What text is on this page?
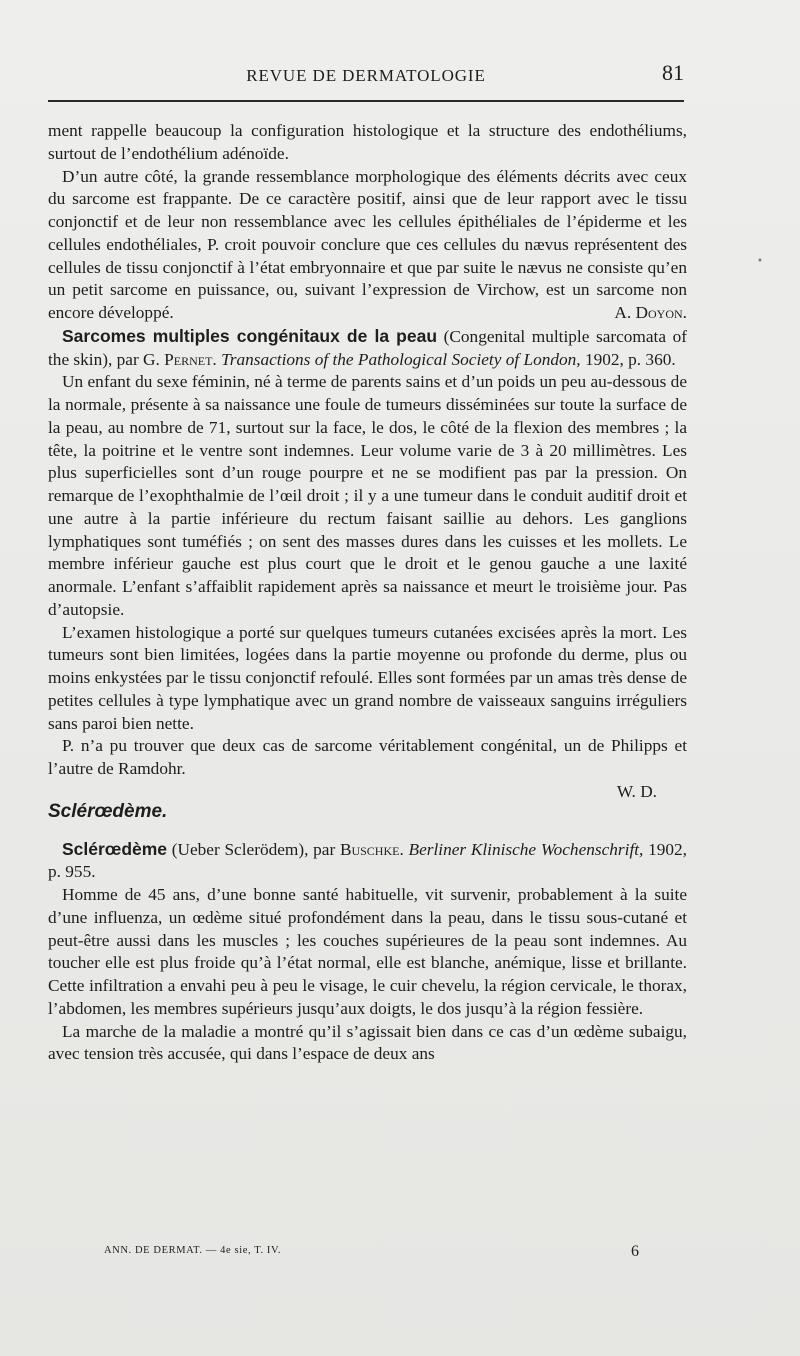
REVUE DE DERMATOLOGIE	81
•

ment rappelle beaucoup la configuration histologique et la structure des endothéliums, surtout de l’endothélium adénoïde.

D’un autre côté, la grande ressemblance morphologique des éléments décrits avec ceux du sarcome est frappante. De ce caractère positif, ainsi que de leur rapport avec le tissu conjonctif et de leur non ressemblance avec les cellules épithéliales de l’épiderme et les cellules endothéliales, P. croit pouvoir conclure que ces cellules du nævus représentent des cellules de tissu conjonctif à l’état embryonnaire et que par suite le nævus ne consiste qu’en un petit sarcome en puissance, ou, suivant l’expression de Virchow, est un sarcome non encore développé.	A. Doyon.

Sarcomes multiples congénitaux de la peau (Congenital multiple sarcomata of the skin), par G. Pernet. Transactions of the Pathological Society of London, 1902, p. 360.

Un enfant du sexe féminin, né à terme de parents sains et d’un poids un peu au-dessous de la normale, présente à sa naissance une foule de tumeurs disséminées sur toute la surface de la peau, au nombre de 71, surtout sur la face, le dos, le côté de la flexion des membres ; la tête, la poitrine et le ventre sont indemnes. Leur volume varie de 3 à 20 millimètres. Les plus superficielles sont d’un rouge pourpre et ne se modifient pas par la pression. On remarque de l’exophthalmie de l’œil droit ; il y a une tumeur dans le conduit auditif droit et une autre à la partie inférieure du rectum faisant saillie au dehors. Les ganglions lymphatiques sont tuméfiés ; on sent des masses dures dans les cuisses et les mollets. Le membre inférieur gauche est plus court que le droit et le genou gauche a une laxité anormale. L’enfant s’affaiblit rapidement après sa naissance et meurt le troisième jour. Pas d’autopsie.

L’examen histologique a porté sur quelques tumeurs cutanées excisées après la mort. Les tumeurs sont bien limitées, logées dans la partie moyenne ou profonde du derme, plus ou moins enkystées par le tissu conjonctif refoulé. Elles sont formées par un amas très dense de petites cellules à type lymphatique avec un grand nombre de vaisseaux sanguins irréguliers sans paroi bien nette.

P. n’a pu trouver que deux cas de sarcome véritablement congénital, un de Philipps et l’autre de Ramdohr.

W. D.

Sclérœdème.

Sclérœdème (Ueber Sclerödem), par Buschke. Berliner Klinische Wochenschrift, 1902, p. 955.

Homme de 45 ans, d’une bonne santé habituelle, vit survenir, probablement à la suite d’une influenza, un œdème situé profondément dans la peau, dans le tissu sous-cutané et peut-être aussi dans les muscles ; les couches supérieures de la peau sont indemnes. Au toucher elle est plus froide qu’à l’état normal, elle est blanche, anémique, lisse et brillante. Cette infiltration a envahi peu à peu le visage, le cuir chevelu, la région cervicale, le thorax, l’abdomen, les membres supérieurs jusqu’aux doigts, le dos jusqu’à la région fessière.

La marche de la maladie a montré qu’il s’agissait bien dans ce cas d’un œdème subaigu, avec tension très accusée, qui dans l’espace de deux ans

ANN. DE DERMAT. — 4e sie, T. IV.	6
